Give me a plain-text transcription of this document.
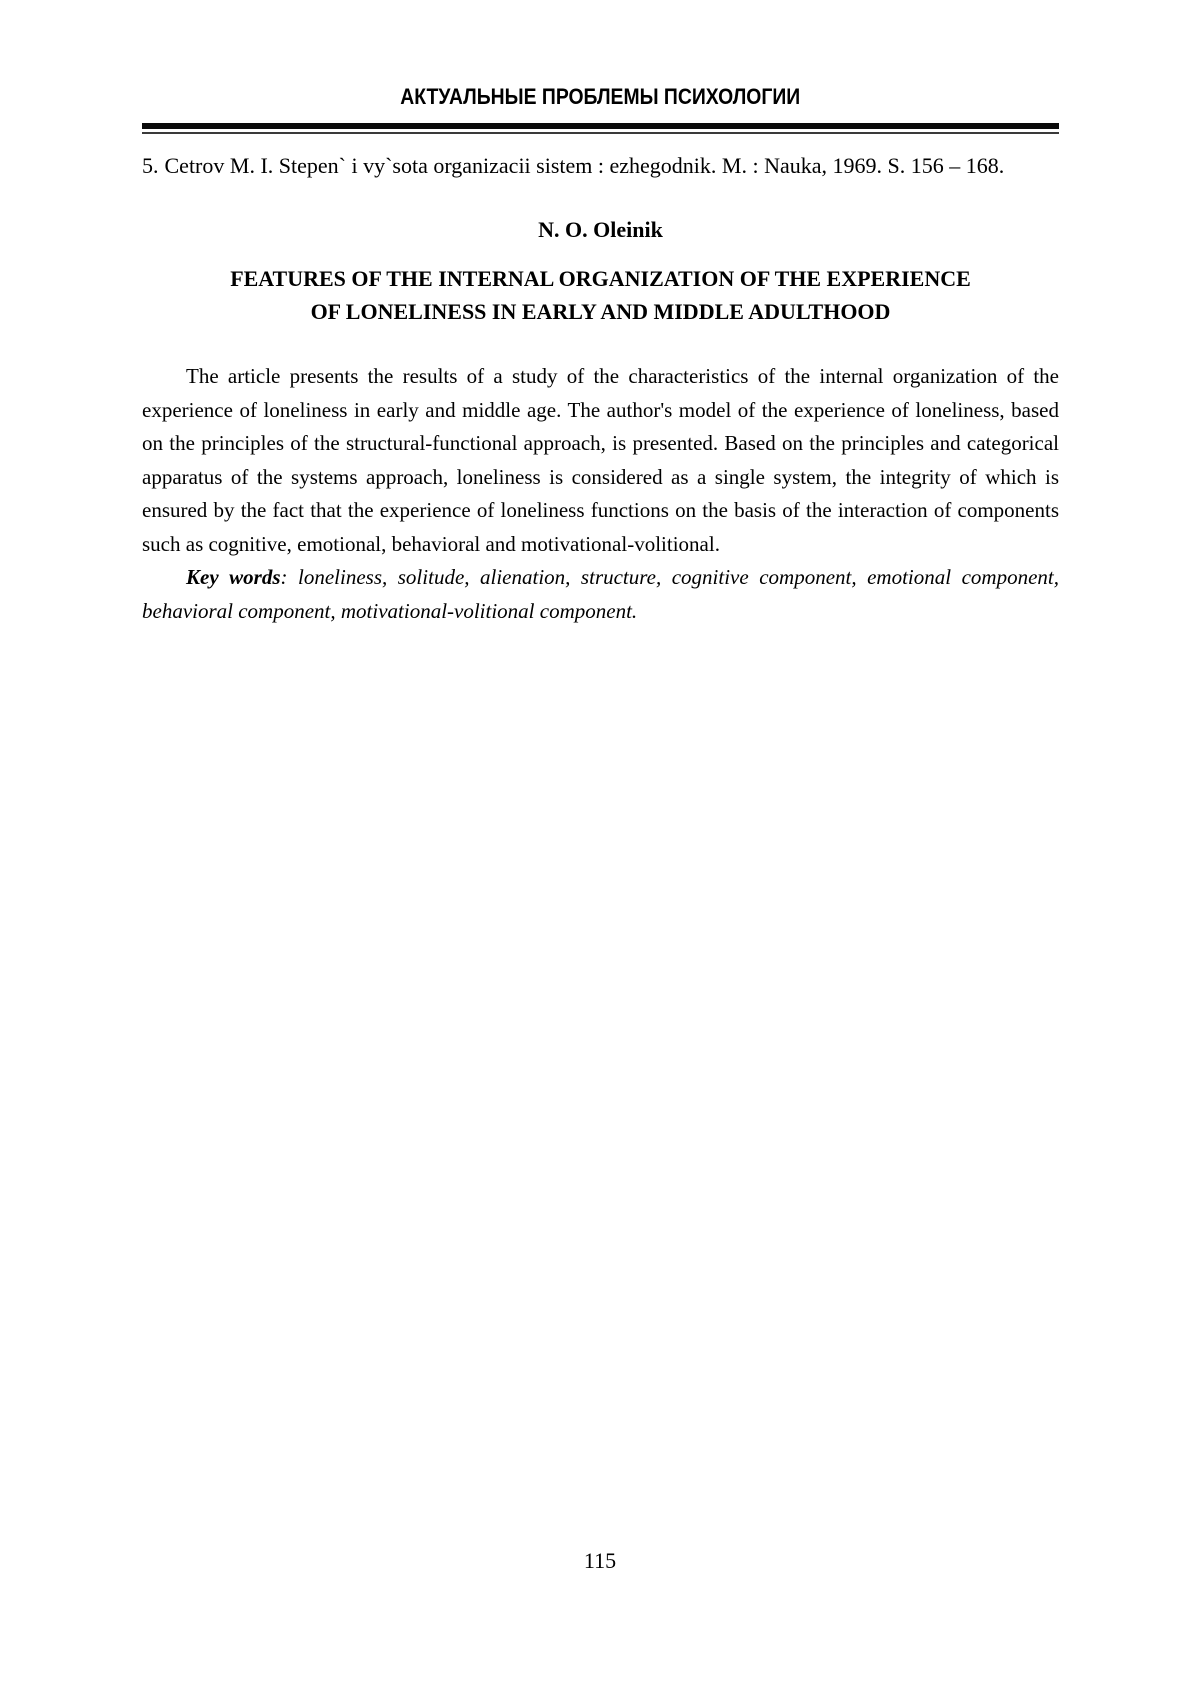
АКТУАЛЬНЫЕ ПРОБЛЕМЫ ПСИХОЛОГИИ

5. Cetrov M. I. Stepen` i vy`sota organizacii sistem : ezhegodnik. M. : Nauka, 1969. S. 156 – 168.

N. O. Oleinik
FEATURES OF THE INTERNAL ORGANIZATION OF THE EXPERIENCE
OF LONELINESS IN EARLY AND MIDDLE ADULTHOOD

The article presents the results of a study of the characteristics of the internal organization of the experience of loneliness in early and middle age. The author's model of the experience of loneliness, based on the principles of the structural-functional approach, is presented. Based on the principles and categorical apparatus of the systems approach, loneliness is considered as a single system, the integrity of which is ensured by the fact that the experience of loneliness functions on the basis of the interaction of components such as cognitive, emotional, behavioral and motivational-volitional.

Key words: loneliness, solitude, alienation, structure, cognitive component, emotional component, behavioral component, motivational-volitional component.

115
